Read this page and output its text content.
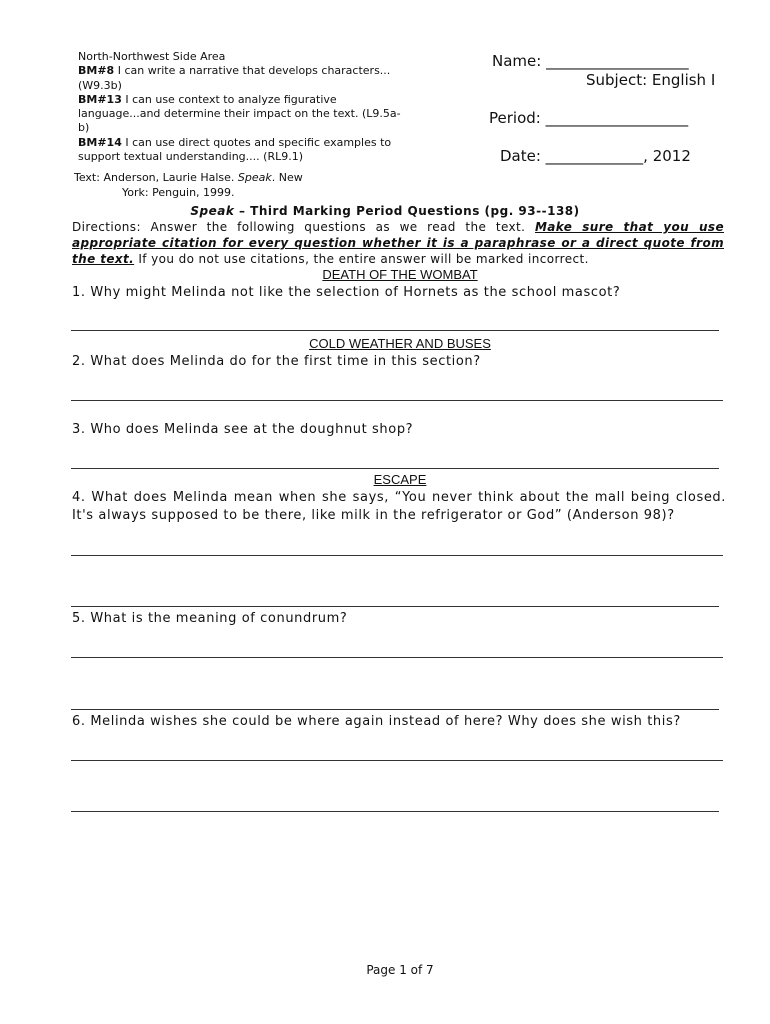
North-Northwest Side Area
BM#8 I can write a narrative that develops characters...(W9.3b)
BM#13 I can use context to analyze figurative language...and determine their impact on the text. (L9.5a-b)
BM#14 I can use direct quotes and specific examples to support textual understanding.... (RL9.1)
Name: ___________________
Subject: English I
Period: ___________________
Date: _____________, 2012
Text: Anderson, Laurie Halse. Speak. New
York: Penguin, 1999.
Speak – Third Marking Period Questions (pg. 93--138)
Directions: Answer the following questions as we read the text. Make sure that you use appropriate citation for every question whether it is a paraphrase or a direct quote from the text. If you do not use citations, the entire answer will be marked incorrect.
DEATH OF THE WOMBAT
1. Why might Melinda not like the selection of Hornets as the school mascot?
COLD WEATHER AND BUSES
2. What does Melinda do for the first time in this section?
3. Who does Melinda see at the doughnut shop?
ESCAPE
4. What does Melinda mean when she says, “You never think about the mall being closed. It's always supposed to be there, like milk in the refrigerator or God” (Anderson 98)?
5. What is the meaning of conundrum?
6. Melinda wishes she could be where again instead of here? Why does she wish this?
Page 1 of 7
